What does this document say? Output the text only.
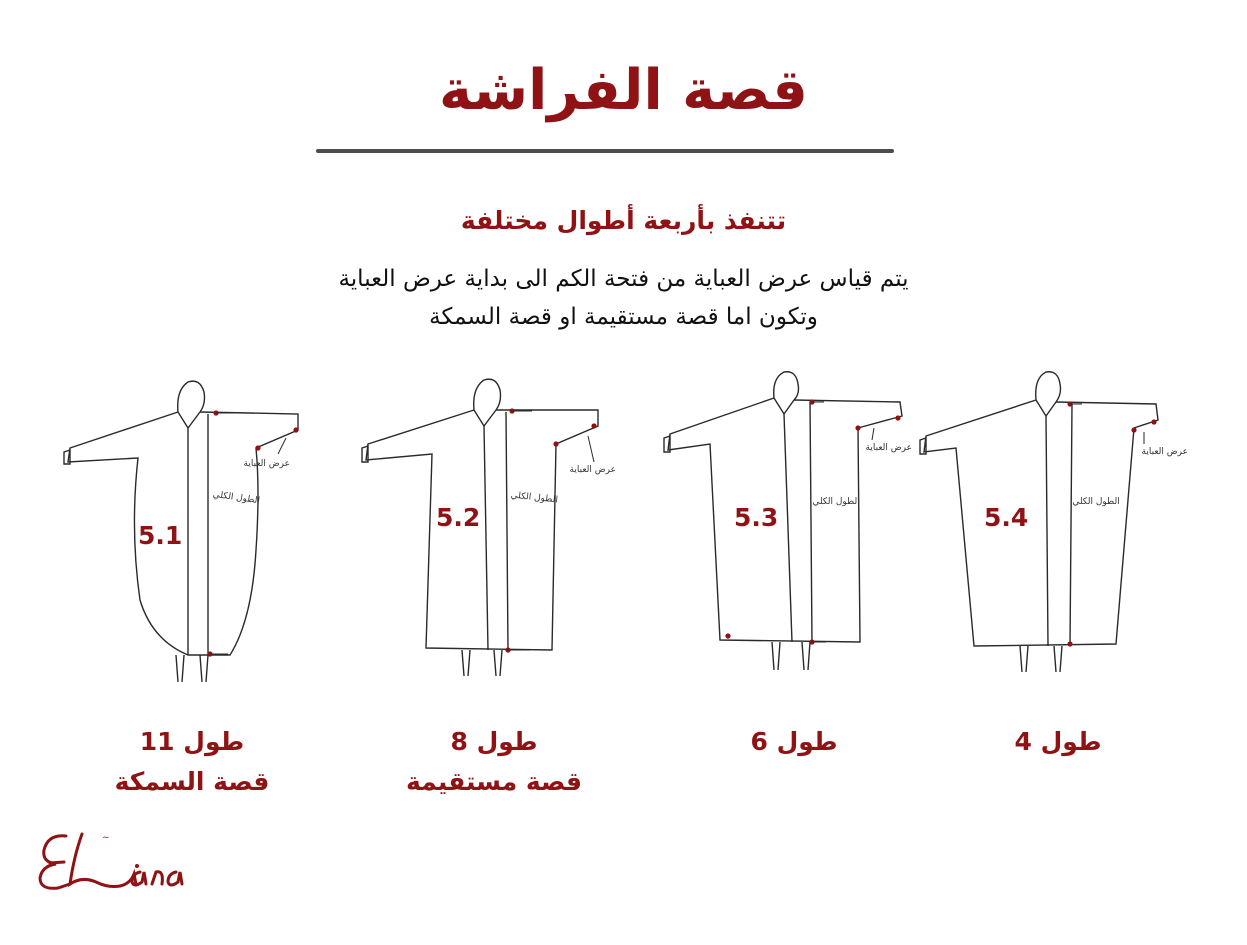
قصة الفراشة
تتنفذ بأربعة أطوال مختلفة
يتم قياس عرض العباية من فتحة الكم الى بداية عرض العباية
وتكون اما قصة مستقيمة او قصة السمكة
عرض العباية
الطول الكلي
5.1
عرض العباية
الطول الكلي
5.2
عرض العباية
الطول الكلي
5.3
عرض العباية
الطول الكلي
5.4
طول 11
قصة السمكة
طول 8
قصة مستقيمة
طول 6	طول 4
~
